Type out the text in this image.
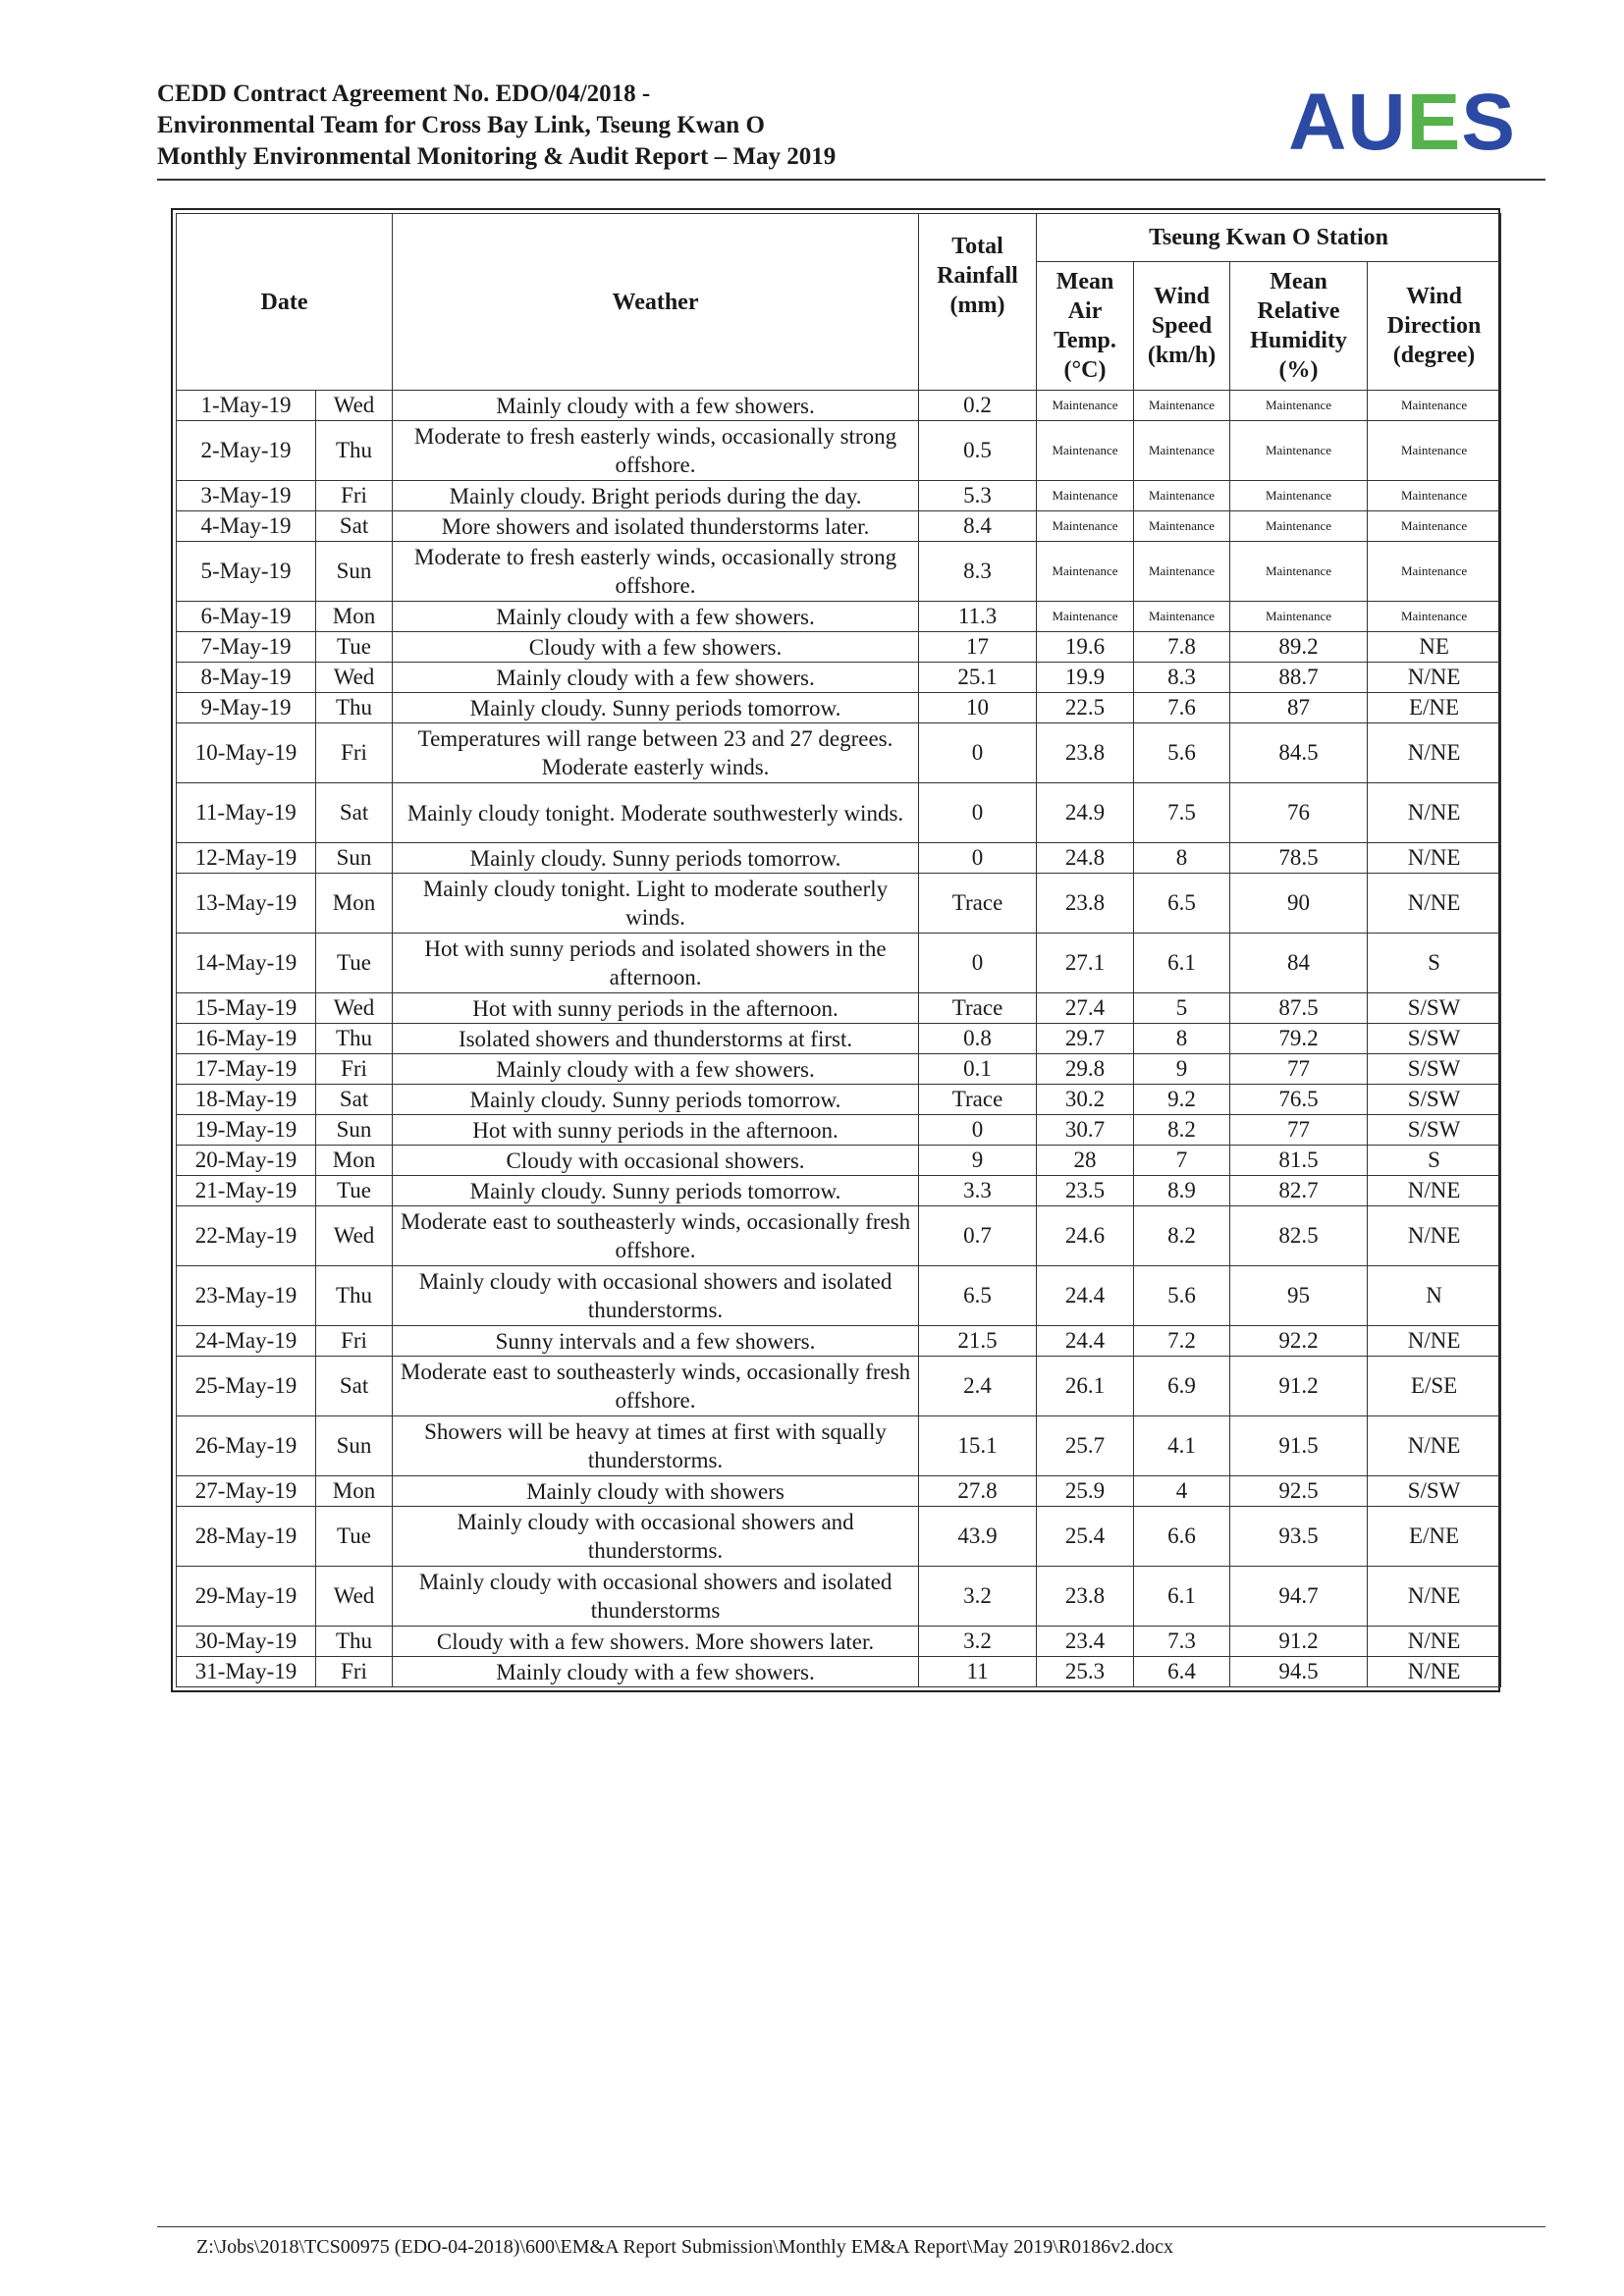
CEDD Contract Agreement No. EDO/04/2018 -
Environmental Team for Cross Bay Link, Tseung Kwan O
Monthly Environmental Monitoring & Audit Report – May 2019	AUES
Date		Weather	Total Rainfall (mm)	Tseung Kwan O Station			
				Mean Air Temp. (°C)	Wind Speed (km/h)	Mean Relative Humidity (%)	Wind Direction (degree)
1-May-19	Wed	Mainly cloudy with a few showers.	0.2	Maintenance	Maintenance	Maintenance	Maintenance
2-May-19	Thu	Moderate to fresh easterly winds, occasionally strong offshore.	0.5	Maintenance	Maintenance	Maintenance	Maintenance
3-May-19	Fri	Mainly cloudy. Bright periods during the day.	5.3	Maintenance	Maintenance	Maintenance	Maintenance
4-May-19	Sat	More showers and isolated thunderstorms later.	8.4	Maintenance	Maintenance	Maintenance	Maintenance
5-May-19	Sun	Moderate to fresh easterly winds, occasionally strong offshore.	8.3	Maintenance	Maintenance	Maintenance	Maintenance
6-May-19	Mon	Mainly cloudy with a few showers.	11.3	Maintenance	Maintenance	Maintenance	Maintenance
7-May-19	Tue	Cloudy with a few showers.	17	19.6	7.8	89.2	NE
8-May-19	Wed	Mainly cloudy with a few showers.	25.1	19.9	8.3	88.7	N/NE
9-May-19	Thu	Mainly cloudy. Sunny periods tomorrow.	10	22.5	7.6	87	E/NE
10-May-19	Fri	Temperatures will range between 23 and 27 degrees. Moderate easterly winds.	0	23.8	5.6	84.5	N/NE
11-May-19	Sat	Mainly cloudy tonight. Moderate southwesterly winds.	0	24.9	7.5	76	N/NE
12-May-19	Sun	Mainly cloudy. Sunny periods tomorrow.	0	24.8	8	78.5	N/NE
13-May-19	Mon	Mainly cloudy tonight. Light to moderate southerly winds.	Trace	23.8	6.5	90	N/NE
14-May-19	Tue	Hot with sunny periods and isolated showers in the afternoon.	0	27.1	6.1	84	S
15-May-19	Wed	Hot with sunny periods in the afternoon.	Trace	27.4	5	87.5	S/SW
16-May-19	Thu	Isolated showers and thunderstorms at first.	0.8	29.7	8	79.2	S/SW
17-May-19	Fri	Mainly cloudy with a few showers.	0.1	29.8	9	77	S/SW
18-May-19	Sat	Mainly cloudy. Sunny periods tomorrow.	Trace	30.2	9.2	76.5	S/SW
19-May-19	Sun	Hot with sunny periods in the afternoon.	0	30.7	8.2	77	S/SW
20-May-19	Mon	Cloudy with occasional showers.	9	28	7	81.5	S
21-May-19	Tue	Mainly cloudy. Sunny periods tomorrow.	3.3	23.5	8.9	82.7	N/NE
22-May-19	Wed	Moderate east to southeasterly winds, occasionally fresh offshore.	0.7	24.6	8.2	82.5	N/NE
23-May-19	Thu	Mainly cloudy with occasional showers and isolated thunderstorms.	6.5	24.4	5.6	95	N
24-May-19	Fri	Sunny intervals and a few showers.	21.5	24.4	7.2	92.2	N/NE
25-May-19	Sat	Moderate east to southeasterly winds, occasionally fresh offshore.	2.4	26.1	6.9	91.2	E/SE
26-May-19	Sun	Showers will be heavy at times at first with squally thunderstorms.	15.1	25.7	4.1	91.5	N/NE
27-May-19	Mon	Mainly cloudy with showers	27.8	25.9	4	92.5	S/SW
28-May-19	Tue	Mainly cloudy with occasional showers and thunderstorms.	43.9	25.4	6.6	93.5	E/NE
29-May-19	Wed	Mainly cloudy with occasional showers and isolated thunderstorms	3.2	23.8	6.1	94.7	N/NE
30-May-19	Thu	Cloudy with a few showers. More showers later.	3.2	23.4	7.3	91.2	N/NE
31-May-19	Fri	Mainly cloudy with a few showers.	11	25.3	6.4	94.5	N/NE
Z:\Jobs\2018\TCS00975 (EDO-04-2018)\600\EM&A Report Submission\Monthly EM&A Report\May 2019\R0186v2.docx
